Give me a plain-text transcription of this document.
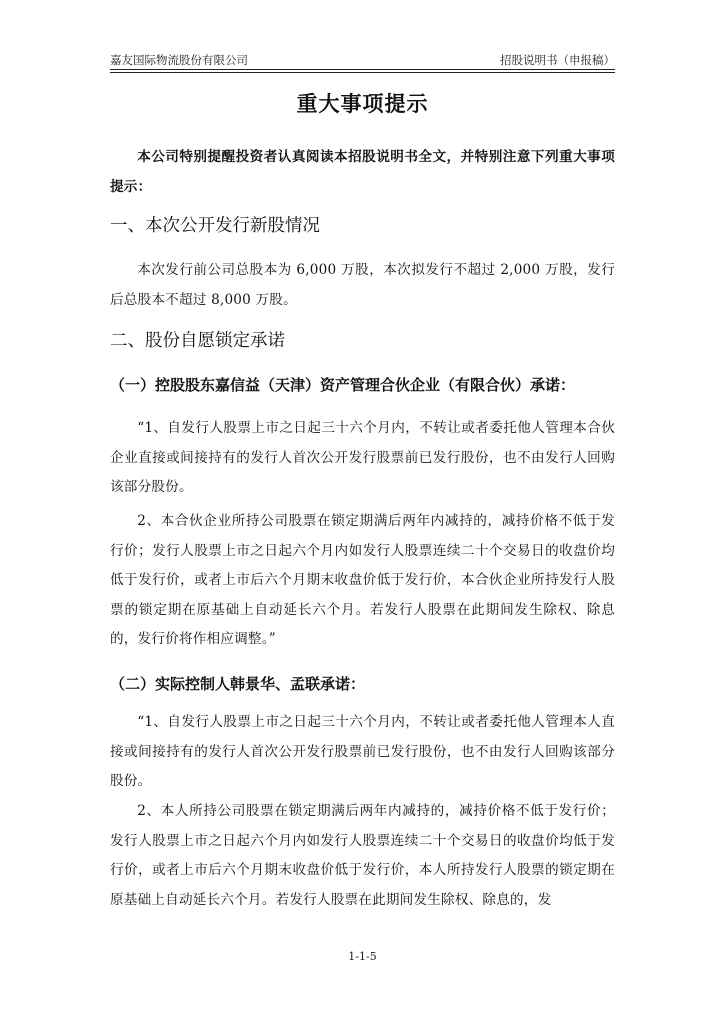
嘉友国际物流股份有限公司	招股说明书（申报稿）
重大事项提示

本公司特别提醒投资者认真阅读本招股说明书全文，并特别注意下列重大事项提示：

一、本次公开发行新股情况

本次发行前公司总股本为 6,000 万股，本次拟发行不超过 2,000 万股，发行后总股本不超过 8,000 万股。

二、股份自愿锁定承诺

（一）控股股东嘉信益（天津）资产管理合伙企业（有限合伙）承诺：

“1、自发行人股票上市之日起三十六个月内，不转让或者委托他人管理本合伙企业直接或间接持有的发行人首次公开发行股票前已发行股份，也不由发行人回购该部分股份。

2、本合伙企业所持公司股票在锁定期满后两年内减持的，减持价格不低于发行价；发行人股票上市之日起六个月内如发行人股票连续二十个交易日的收盘价均低于发行价，或者上市后六个月期末收盘价低于发行价，本合伙企业所持发行人股票的锁定期在原基础上自动延长六个月。若发行人股票在此期间发生除权、除息的，发行价将作相应调整。”

（二）实际控制人韩景华、孟联承诺：

“1、自发行人股票上市之日起三十六个月内，不转让或者委托他人管理本人直接或间接持有的发行人首次公开发行股票前已发行股份，也不由发行人回购该部分股份。

2、本人所持公司股票在锁定期满后两年内减持的，减持价格不低于发行价；发行人股票上市之日起六个月内如发行人股票连续二十个交易日的收盘价均低于发行价，或者上市后六个月期末收盘价低于发行价，本人所持发行人股票的锁定期在原基础上自动延长六个月。若发行人股票在此期间发生除权、除息的，发

1-1-5
